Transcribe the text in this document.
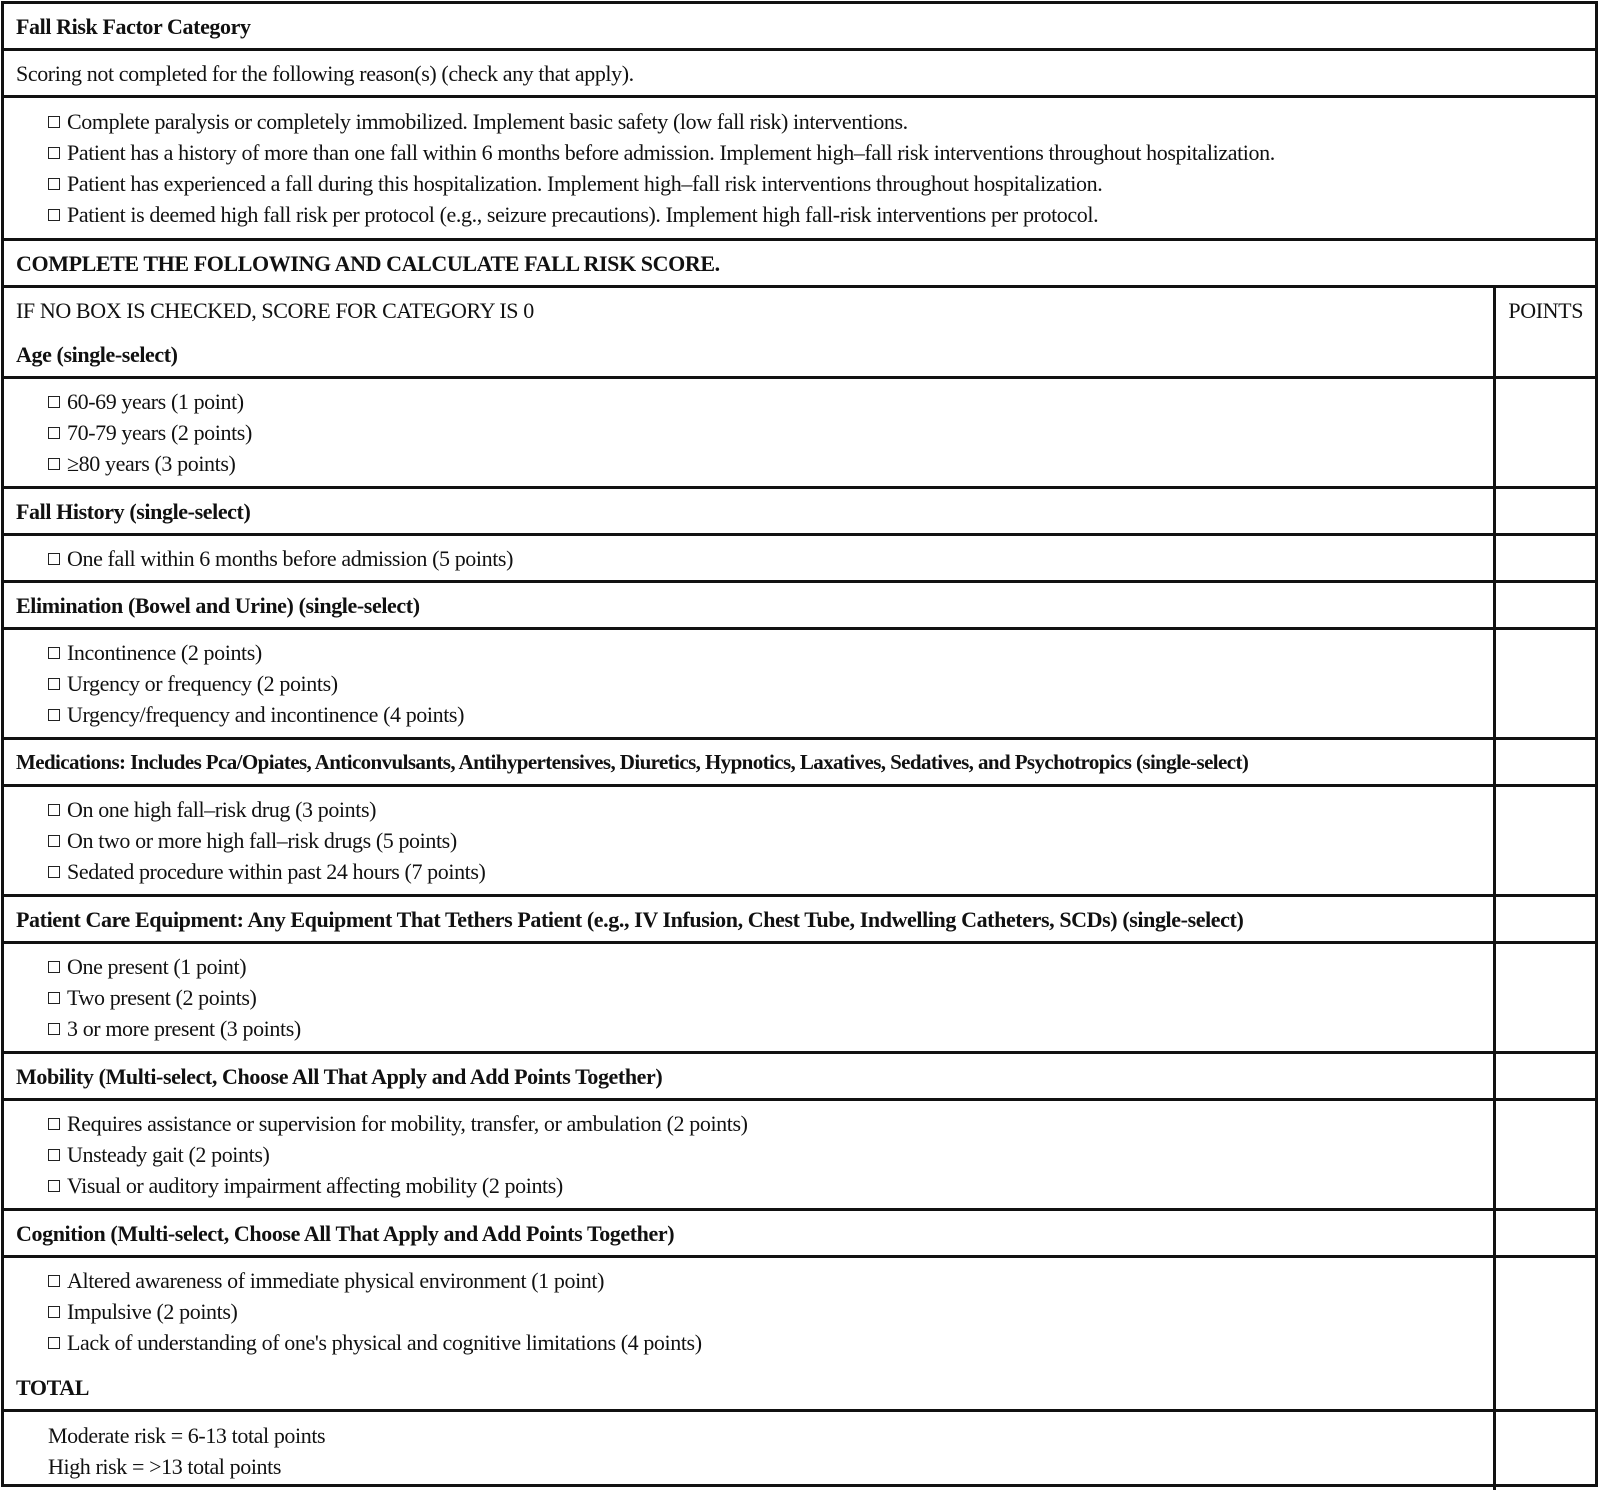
Fall Risk Factor Category	
Scoring not completed for the following reason(s) (check any that apply).	

Complete paralysis or completely immobilized. Implement basic safety (low fall risk) interventions.
Patient has a history of more than one fall within 6 months before admission. Implement high–fall risk interventions throughout hospitalization.
Patient has experienced a fall during this hospitalization. Implement high–fall risk interventions throughout hospitalization.
Patient is deemed high fall risk per protocol (e.g., seizure precautions). Implement high fall-risk interventions per protocol.	

COMPLETE THE FOLLOWING AND CALCULATE FALL RISK SCORE.	
IF NO BOX IS CHECKED, SCORE FOR CATEGORY IS 0	POINTS
Age (single-select)	

60-69 years (1 point)
70-79 years (2 points)
≥80 years (3 points)	

Fall History (single-select)	

One fall within 6 months before admission (5 points)	

Elimination (Bowel and Urine) (single-select)	

Incontinence (2 points)
Urgency or frequency (2 points)
Urgency/frequency and incontinence (4 points)	

Medications: Includes Pca/Opiates, Anticonvulsants, Antihypertensives, Diuretics, Hypnotics, Laxatives, Sedatives, and Psychotropics (single-select)	

On one high fall–risk drug (3 points)
On two or more high fall–risk drugs (5 points)
Sedated procedure within past 24 hours (7 points)	

Patient Care Equipment: Any Equipment That Tethers Patient (e.g., IV Infusion, Chest Tube, Indwelling Catheters, SCDs) (single-select)	

One present (1 point)
Two present (2 points)
3 or more present (3 points)	

Mobility (Multi-select, Choose All That Apply and Add Points Together)	

Requires assistance or supervision for mobility, transfer, or ambulation (2 points)
Unsteady gait (2 points)
Visual or auditory impairment affecting mobility (2 points)	

Cognition (Multi-select, Choose All That Apply and Add Points Together)	

Altered awareness of immediate physical environment (1 point)
Impulsive (2 points)
Lack of understanding of one's physical and cognitive limitations (4 points)	

TOTAL	

Moderate risk = 6-13 total points
High risk = >13 total points	
